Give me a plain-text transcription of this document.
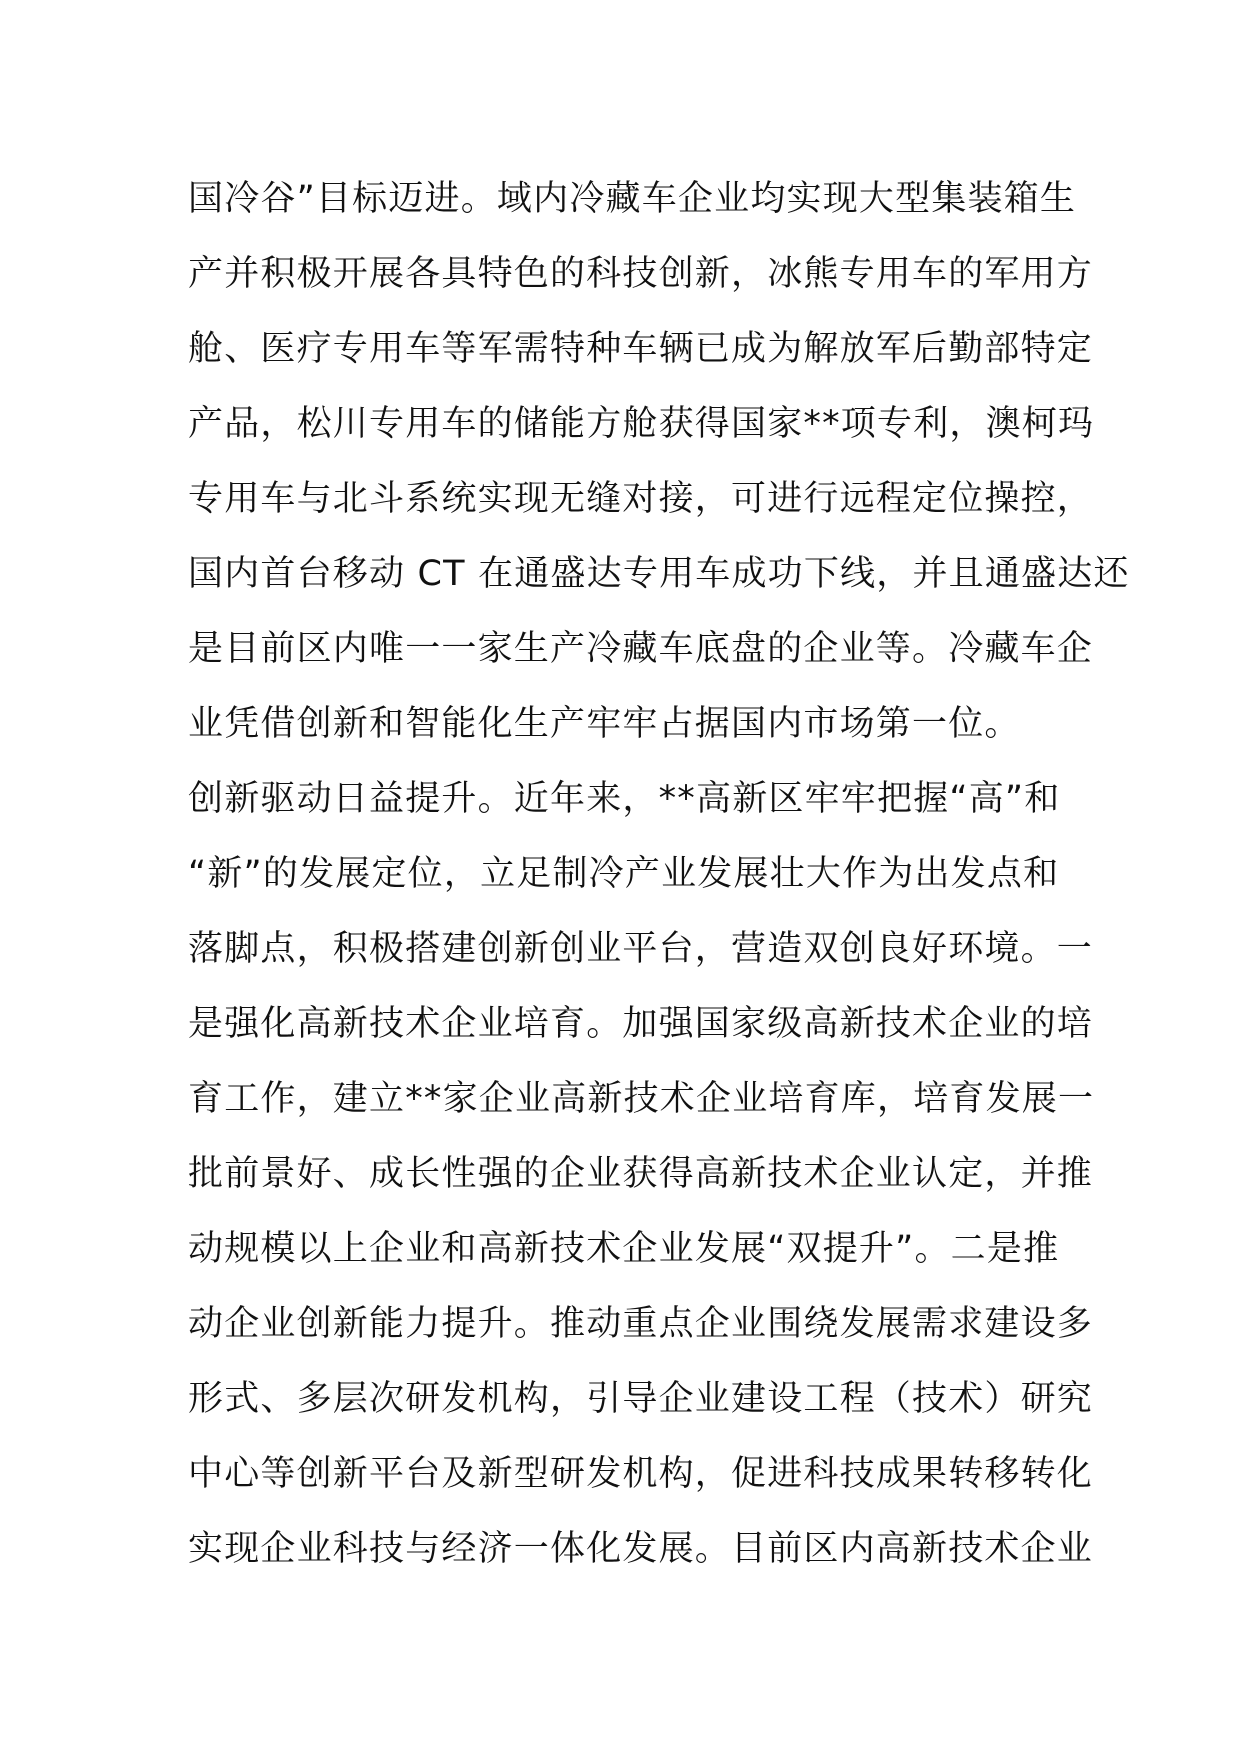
国冷谷”目标迈进。域内冷藏车企业均实现大型集装箱生
产并积极开展各具特色的科技创新，冰熊专用车的军用方
舱、医疗专用车等军需特种车辆已成为解放军后勤部特定
产品，松川专用车的储能方舱获得国家**项专利，澳柯玛
专用车与北斗系统实现无缝对接，可进行远程定位操控，
国内首台移动 CT 在通盛达专用车成功下线，并且通盛达还
是目前区内唯一一家生产冷藏车底盘的企业等。冷藏车企
业凭借创新和智能化生产牢牢占据国内市场第一位。
创新驱动日益提升。近年来，**高新区牢牢把握“高”和
“新”的发展定位，立足制冷产业发展壮大作为出发点和
落脚点，积极搭建创新创业平台，营造双创良好环境。一
是强化高新技术企业培育。加强国家级高新技术企业的培
育工作，建立**家企业高新技术企业培育库，培育发展一
批前景好、成长性强的企业获得高新技术企业认定，并推
动规模以上企业和高新技术企业发展“双提升”。二是推
动企业创新能力提升。推动重点企业围绕发展需求建设多
形式、多层次研发机构，引导企业建设工程（技术）研究
中心等创新平台及新型研发机构，促进科技成果转移转化
实现企业科技与经济一体化发展。目前区内高新技术企业
